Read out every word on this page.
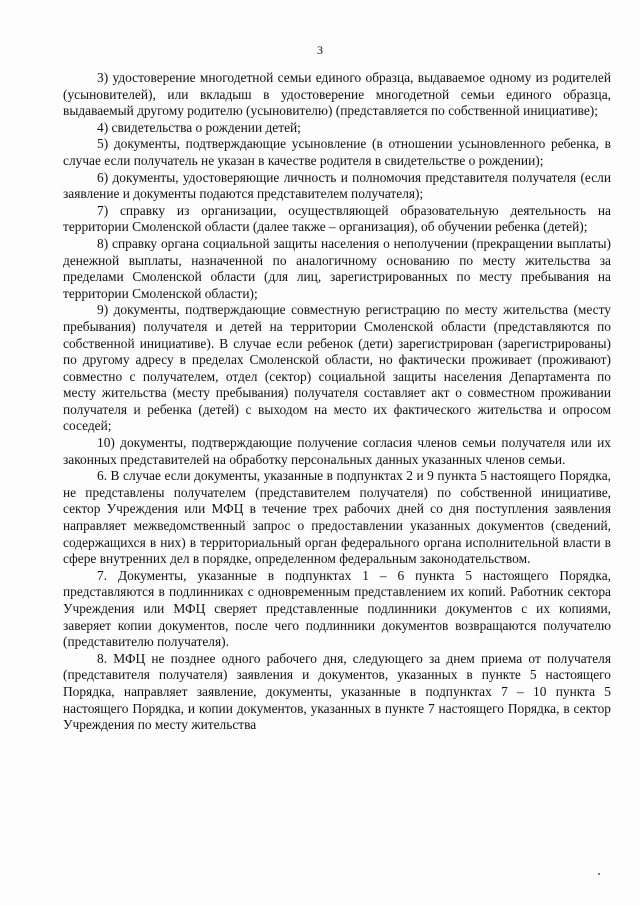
3

3) удостоверение многодетной семьи единого образца, выдаваемое одному из родителей (усыновителей), или вкладыш в удостоверение многодетной семьи единого образца, выдаваемый другому родителю (усыновителю) (представляется по собственной инициативе);

4) свидетельства о рождении детей;

5) документы, подтверждающие усыновление (в отношении усыновленного ребенка, в случае если получатель не указан в качестве родителя в свидетельстве о рождении);

6) документы, удостоверяющие личность и полномочия представителя получателя (если заявление и документы подаются представителем получателя);

7) справку из организации, осуществляющей образовательную деятельность на территории Смоленской области (далее также – организация), об обучении ребенка (детей);

8) справку органа социальной защиты населения о неполучении (прекращении выплаты) денежной выплаты, назначенной по аналогичному основанию по месту жительства за пределами Смоленской области (для лиц, зарегистрированных по месту пребывания на территории Смоленской области);

9) документы, подтверждающие совместную регистрацию по месту жительства (месту пребывания) получателя и детей на территории Смоленской области (представляются по собственной инициативе). В случае если ребенок (дети) зарегистрирован (зарегистрированы) по другому адресу в пределах Смоленской области, но фактически проживает (проживают) совместно с получателем, отдел (сектор) социальной защиты населения Департамента по месту жительства (месту пребывания) получателя составляет акт о совместном проживании получателя и ребенка (детей) с выходом на место их фактического жительства и опросом соседей;

10) документы, подтверждающие получение согласия членов семьи получателя или их законных представителей на обработку персональных данных указанных членов семьи.

6. В случае если документы, указанные в подпунктах 2 и 9 пункта 5 настоящего Порядка, не представлены получателем (представителем получателя) по собственной инициативе, сектор Учреждения или МФЦ в течение трех рабочих дней со дня поступления заявления направляет межведомственный запрос о предоставлении указанных документов (сведений, содержащихся в них) в территориальный орган федерального органа исполнительной власти в сфере внутренних дел в порядке, определенном федеральным законодательством.

7. Документы, указанные в подпунктах 1 – 6 пункта 5 настоящего Порядка, представляются в подлинниках с одновременным представлением их копий. Работник сектора Учреждения или МФЦ сверяет представленные подлинники документов с их копиями, заверяет копии документов, после чего подлинники документов возвращаются получателю (представителю получателя).

8. МФЦ не позднее одного рабочего дня, следующего за днем приема от получателя (представителя получателя) заявления и документов, указанных в пункте 5 настоящего Порядка, направляет заявление, документы, указанные в подпунктах 7 – 10 пункта 5 настоящего Порядка, и копии документов, указанных в пункте 7 настоящего Порядка, в сектор Учреждения по месту жительства
